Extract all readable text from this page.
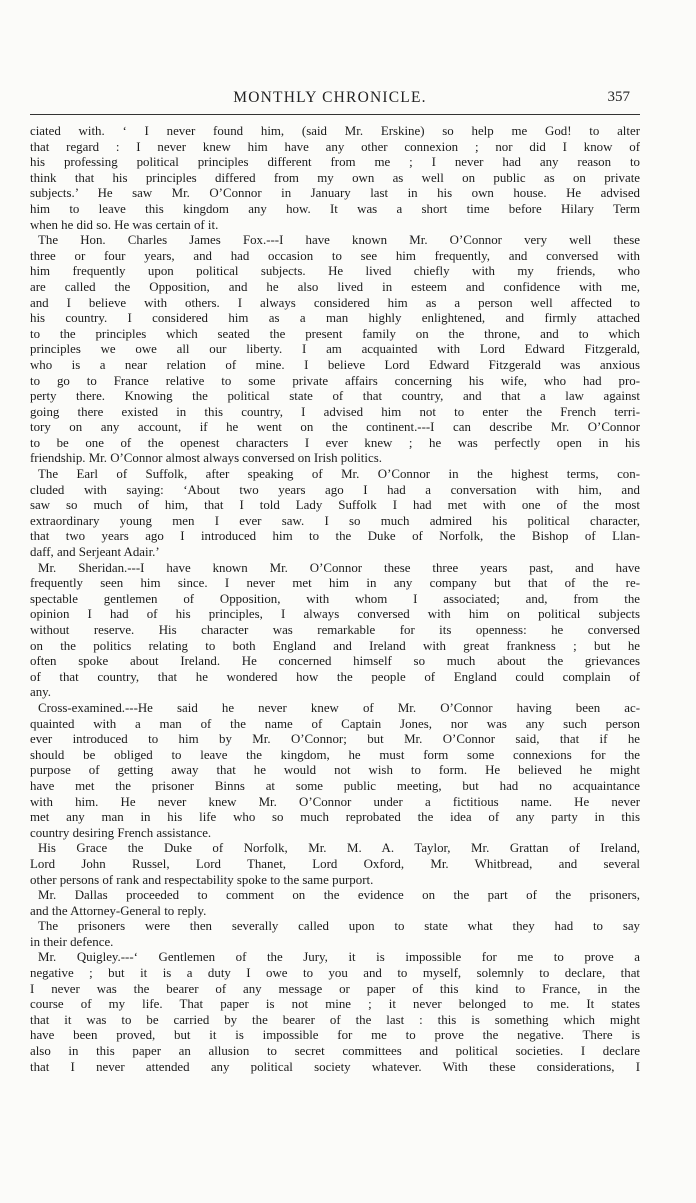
MONTHLY CHRONICLE.	357
ciated with. ‘ I never found him, (said Mr. Erskine) so help me God! to alter
that regard : I never knew him have any other connexion ; nor did I know of
his professing political principles different from me ; I never had any reason to
think that his principles differed from my own as well on public as on private
subjects.’ He saw Mr. O’Connor in January last in his own house. He advised
him to leave this kingdom any how. It was a short time before Hilary Term
when he did so. He was certain of it.
The Hon. Charles James Fox.---I have known Mr. O’Connor very well these
three or four years, and had occasion to see him frequently, and conversed with
him frequently upon political subjects. He lived chiefly with my friends, who
are called the Opposition, and he also lived in esteem and confidence with me,
and I believe with others. I always considered him as a person well affected to
his country. I considered him as a man highly enlightened, and firmly attached
to the principles which seated the present family on the throne, and to which
principles we owe all our liberty. I am acquainted with Lord Edward Fitzgerald,
who is a near relation of mine. I believe Lord Edward Fitzgerald was anxious
to go to France relative to some private affairs concerning his wife, who had pro-
perty there. Knowing the political state of that country, and that a law against
going there existed in this country, I advised him not to enter the French terri-
tory on any account, if he went on the continent.---I can describe Mr. O’Connor
to be one of the openest characters I ever knew ; he was perfectly open in his
friendship. Mr. O’Connor almost always conversed on Irish politics.
The Earl of Suffolk, after speaking of Mr. O’Connor in the highest terms, con-
cluded with saying: ‘About two years ago I had a conversation with him, and
saw so much of him, that I told Lady Suffolk I had met with one of the most
extraordinary young men I ever saw. I so much admired his political character,
that two years ago I introduced him to the Duke of Norfolk, the Bishop of Llan-
daff, and Serjeant Adair.’
Mr. Sheridan.---I have known Mr. O’Connor these three years past, and have
frequently seen him since. I never met him in any company but that of the re-
spectable gentlemen of Opposition, with whom I associated; and, from the
opinion I had of his principles, I always conversed with him on political subjects
without reserve. His character was remarkable for its openness: he conversed
on the politics relating to both England and Ireland with great frankness ; but he
often spoke about Ireland. He concerned himself so much about the grievances
of that country, that he wondered how the people of England could complain of
any.
Cross-examined.---He said he never knew of Mr. O’Connor having been ac-
quainted with a man of the name of Captain Jones, nor was any such person
ever introduced to him by Mr. O’Connor; but Mr. O’Connor said, that if he
should be obliged to leave the kingdom, he must form some connexions for the
purpose of getting away that he would not wish to form. He believed he might
have met the prisoner Binns at some public meeting, but had no acquaintance
with him. He never knew Mr. O’Connor under a fictitious name. He never
met any man in his life who so much reprobated the idea of any party in this
country desiring French assistance.
His Grace the Duke of Norfolk, Mr. M. A. Taylor, Mr. Grattan of Ireland,
Lord John Russel, Lord Thanet, Lord Oxford, Mr. Whitbread, and several
other persons of rank and respectability spoke to the same purport.
Mr. Dallas proceeded to comment on the evidence on the part of the prisoners,
and the Attorney-General to reply.
The prisoners were then severally called upon to state what they had to say
in their defence.
Mr. Quigley.---‘ Gentlemen of the Jury, it is impossible for me to prove a
negative ; but it is a duty I owe to you and to myself, solemnly to declare, that
I never was the bearer of any message or paper of this kind to France, in the
course of my life. That paper is not mine ; it never belonged to me. It states
that it was to be carried by the bearer of the last : this is something which might
have been proved, but it is impossible for me to prove the negative. There is
also in this paper an allusion to secret committees and political societies. I declare
that I never attended any political society whatever. With these considerations, I
